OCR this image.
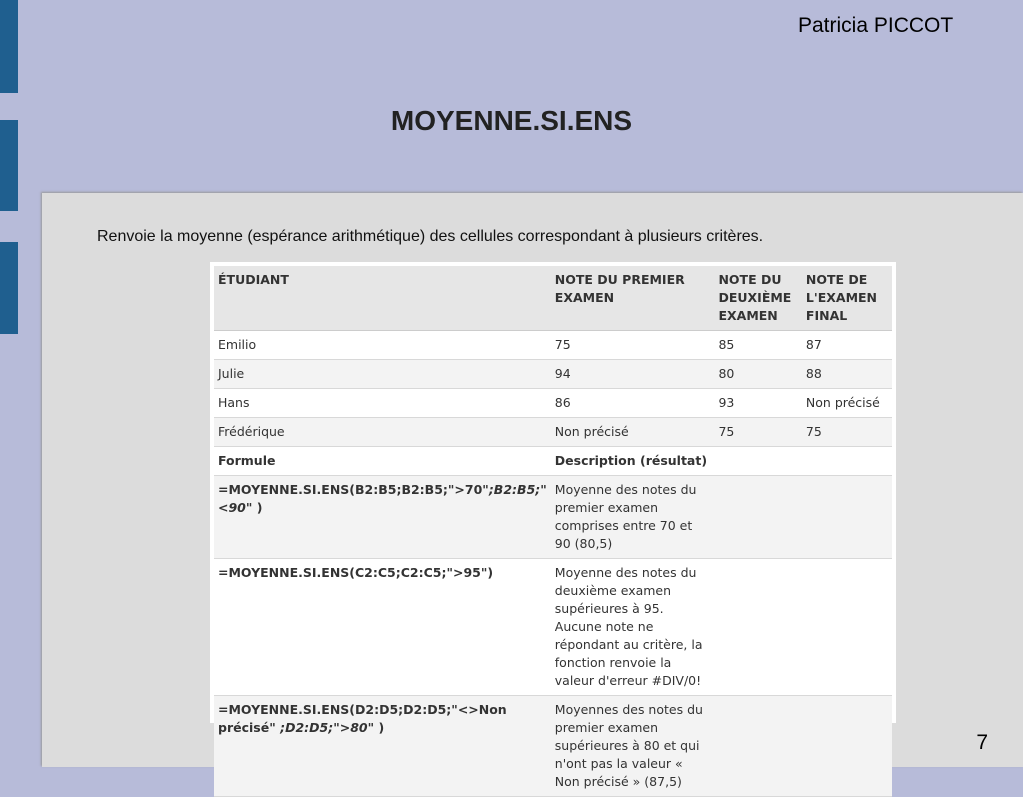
Patricia PICCOT
MOYENNE.SI.ENS
Renvoie la moyenne (espérance arithmétique) des cellules correspondant à plusieurs critères.
ÉTUDIANT	NOTE DU PREMIER EXAMEN	NOTE DU DEUXIÈME EXAMEN	NOTE DE L'EXAMEN FINAL
Emilio	75	85	87
Julie	94	80	88
Hans	86	93	Non précisé
Frédérique	Non précisé	75	75
Formule	Description (résultat)		
=MOYENNE.SI.ENS(B2:B5;B2:B5;">70";B2:B5;"<90" )	Moyenne des notes du premier examen comprises entre 70 et 90 (80,5)		
=MOYENNE.SI.ENS(C2:C5;C2:C5;">95")	Moyenne des notes du deuxième examen supérieures à 95. Aucune note ne répondant au critère, la fonction renvoie la valeur d'erreur #DIV/0!		
=MOYENNE.SI.ENS(D2:D5;D2:D5;"<>Non précisé" ;D2:D5;">80" )	Moyennes des notes du premier examen supérieures à 80 et qui n'ont pas la valeur « Non précisé » (87,5)		
7
